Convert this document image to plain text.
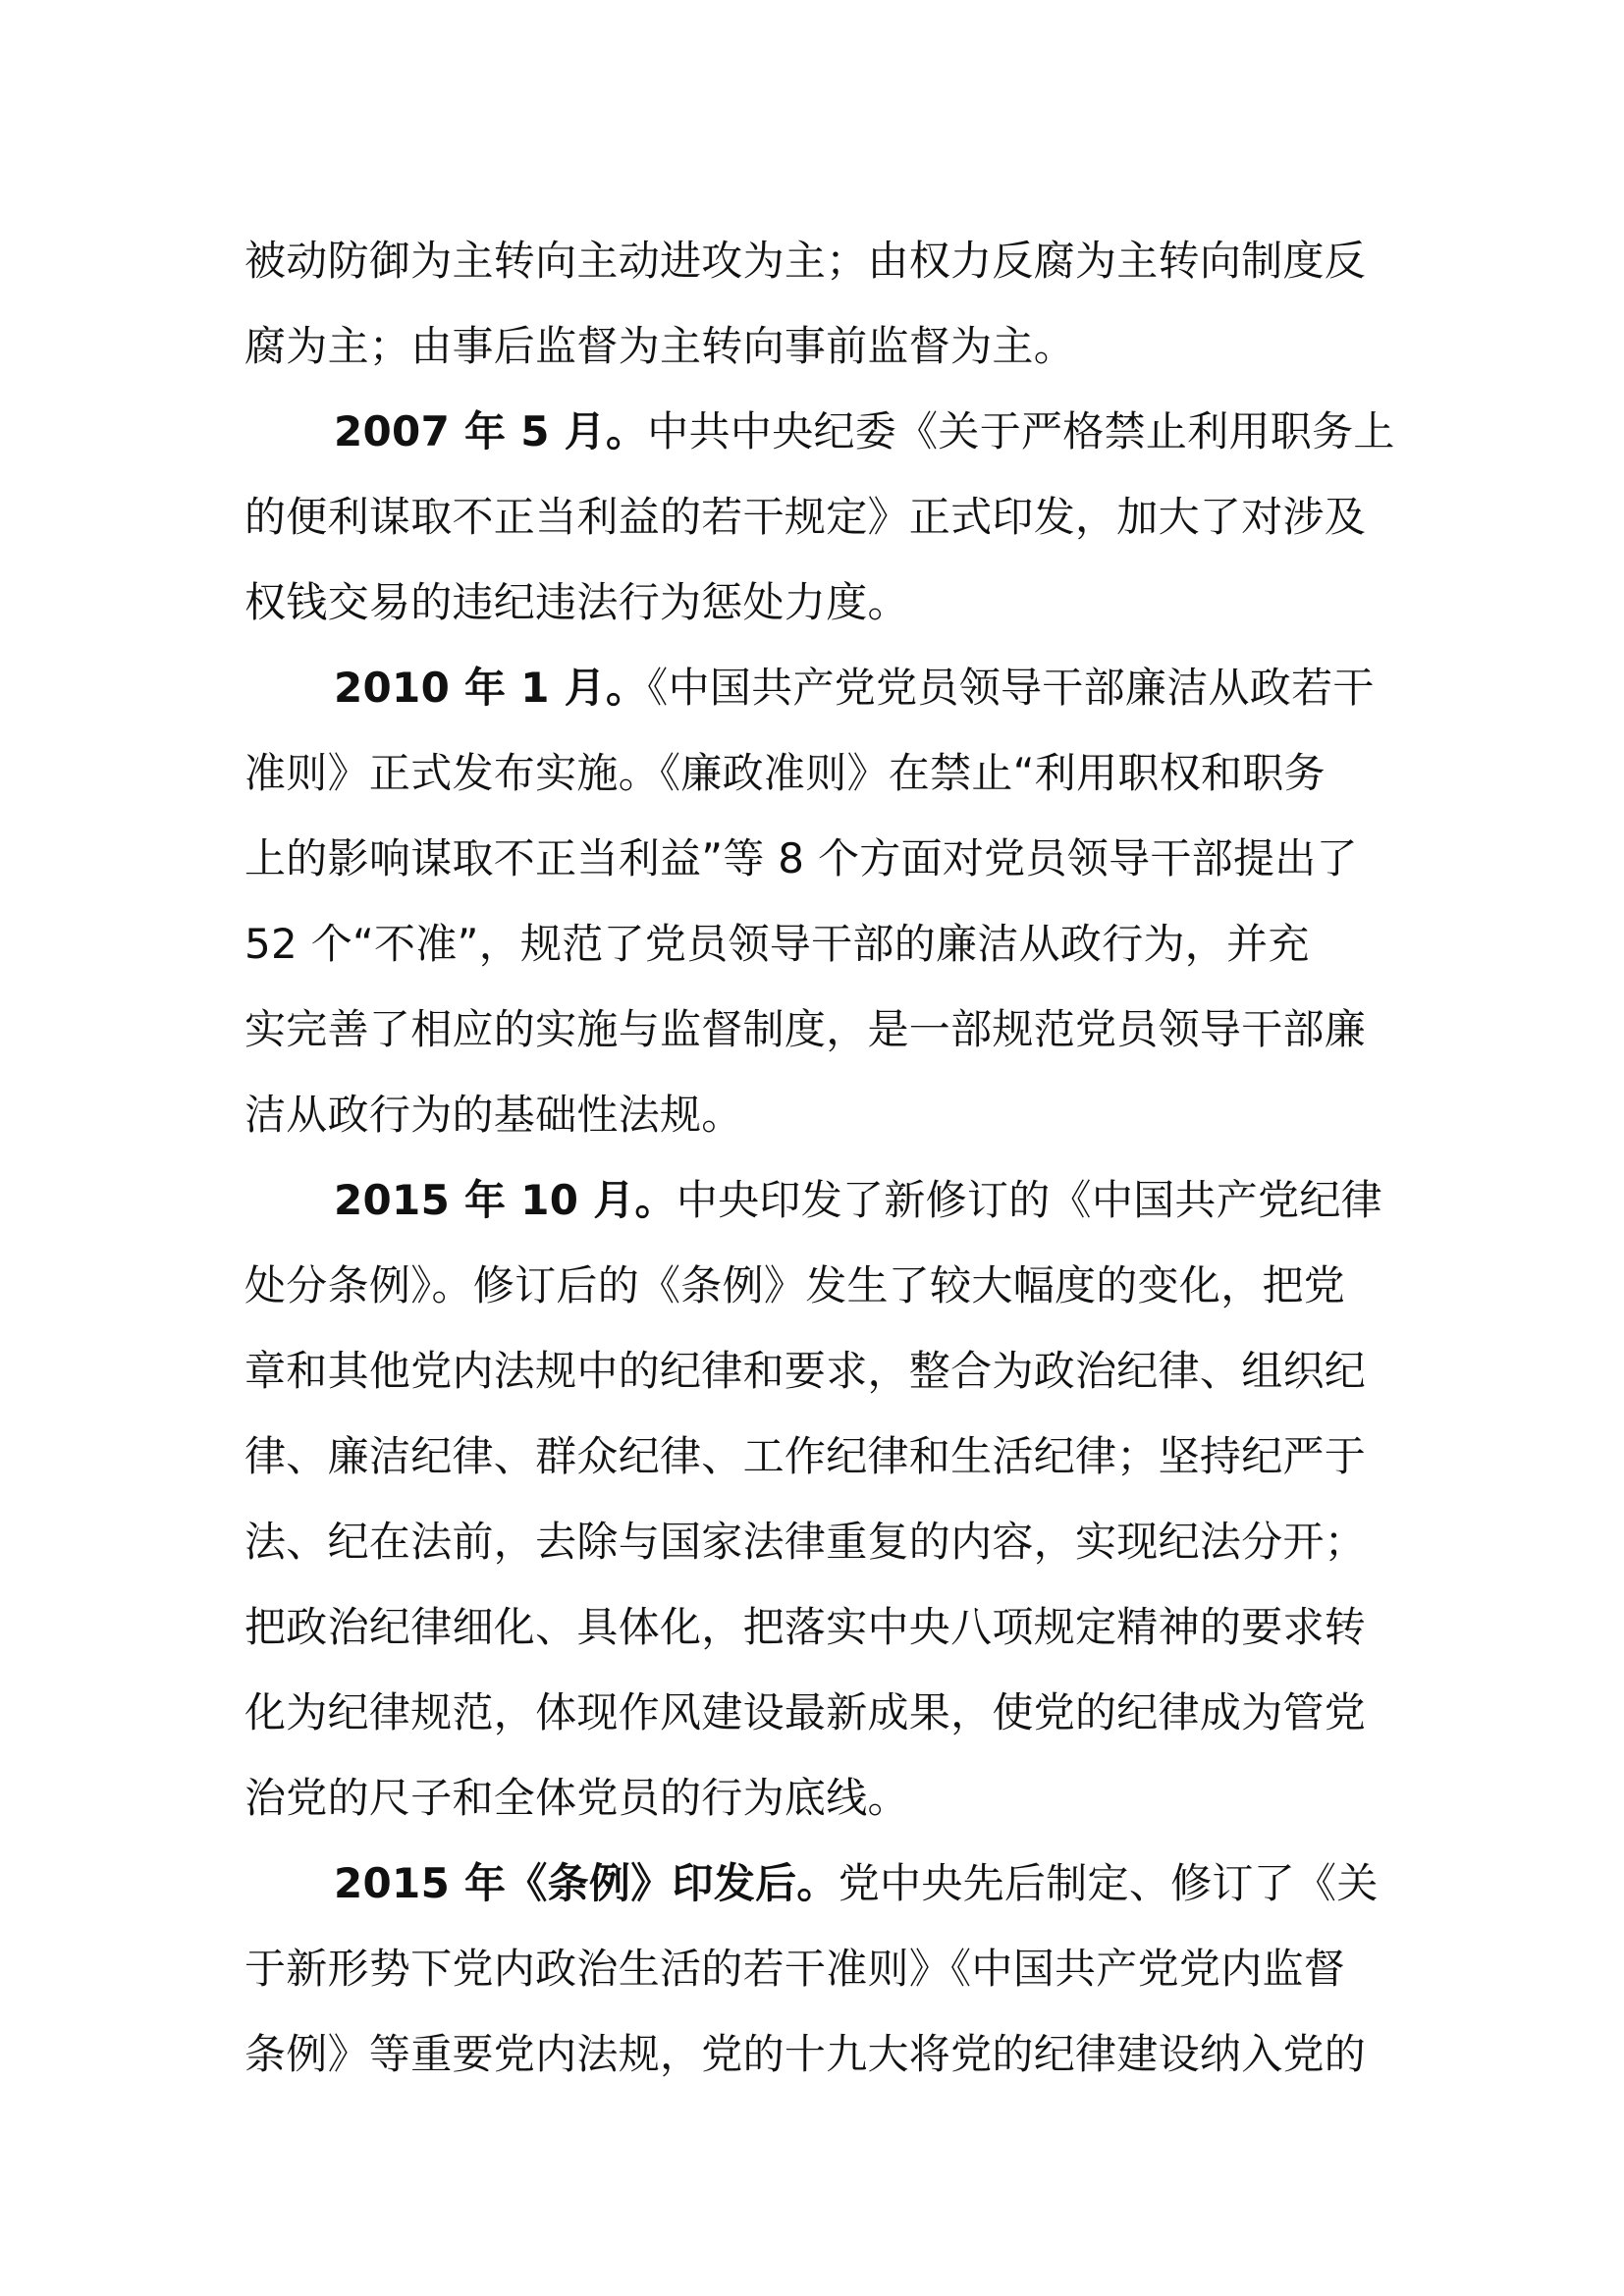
被动防御为主转向主动进攻为主；由权力反腐为主转向制度反
腐为主；由事后监督为主转向事前监督为主。
2007 年 5 月。中共中央纪委《关于严格禁止利用职务上
的便利谋取不正当利益的若干规定》正式印发，加大了对涉及
权钱交易的违纪违法行为惩处力度。
2010 年 1 月。《中国共产党党员领导干部廉洁从政若干
准则》正式发布实施。《廉政准则》在禁止“利用职权和职务
上的影响谋取不正当利益”等 8 个方面对党员领导干部提出了
52 个“不准”，规范了党员领导干部的廉洁从政行为，并充
实完善了相应的实施与监督制度，是一部规范党员领导干部廉
洁从政行为的基础性法规。
2015 年 10 月。中央印发了新修订的《中国共产党纪律
处分条例》。修订后的《条例》发生了较大幅度的变化，把党
章和其他党内法规中的纪律和要求，整合为政治纪律、组织纪
律、廉洁纪律、群众纪律、工作纪律和生活纪律；坚持纪严于
法、纪在法前，去除与国家法律重复的内容，实现纪法分开；
把政治纪律细化、具体化，把落实中央八项规定精神的要求转
化为纪律规范，体现作风建设最新成果，使党的纪律成为管党
治党的尺子和全体党员的行为底线。
2015 年《条例》印发后。党中央先后制定、修订了《关
于新形势下党内政治生活的若干准则》《中国共产党党内监督
条例》等重要党内法规，党的十九大将党的纪律建设纳入党的
